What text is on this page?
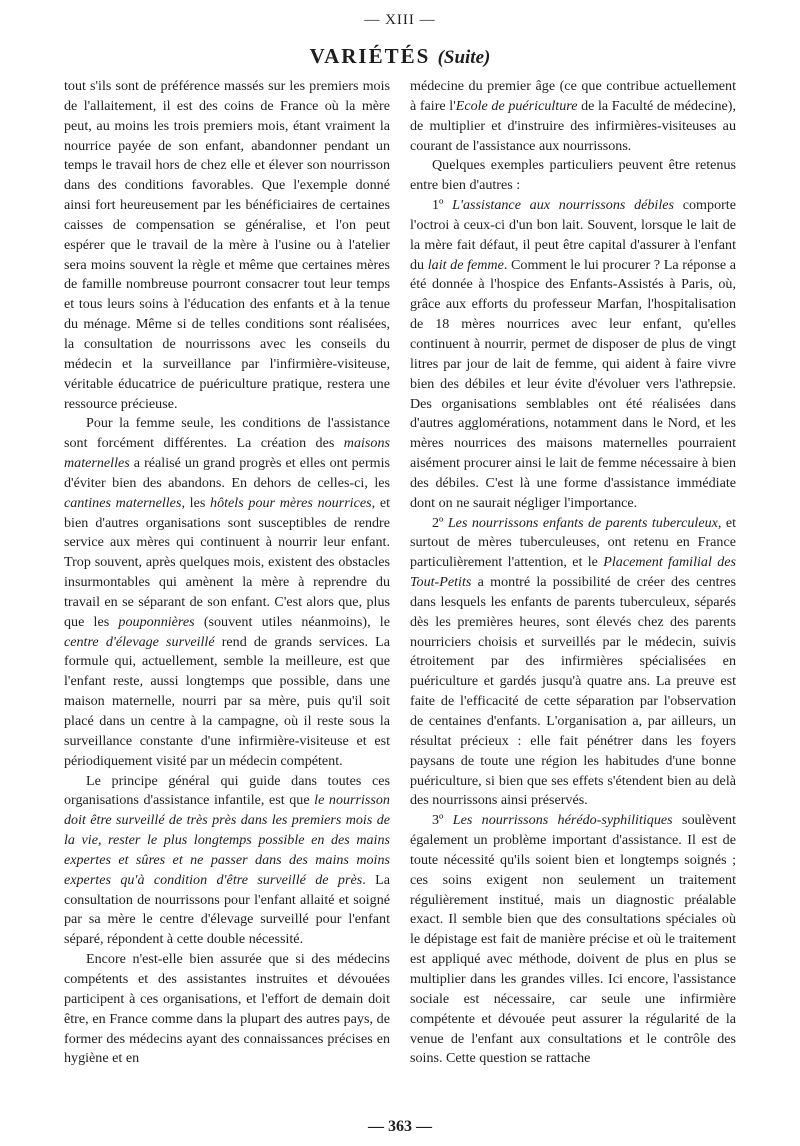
— XIII —
VARIÉTÉS (Suite)

tout s'ils sont de préférence massés sur les premiers mois de l'allaitement, il est des coins de France où la mère peut, au moins les trois premiers mois, étant vraiment la nourrice payée de son enfant, abandonner pendant un temps le travail hors de chez elle et élever son nourrisson dans des conditions favorables. Que l'exemple donné ainsi fort heureusement par les bénéficiaires de certaines caisses de compensation se généralise, et l'on peut espérer que le travail de la mère à l'usine ou à l'atelier sera moins souvent la règle et même que certaines mères de famille nombreuse pourront consacrer tout leur temps et tous leurs soins à l'éducation des enfants et à la tenue du ménage. Même si de telles conditions sont réalisées, la consultation de nourrissons avec les conseils du médecin et la surveillance par l'infirmière-visiteuse, véritable éducatrice de puériculture pratique, restera une ressource précieuse.

Pour la femme seule, les conditions de l'assistance sont forcément différentes. La création des maisons maternelles a réalisé un grand progrès et elles ont permis d'éviter bien des abandons. En dehors de celles-ci, les cantines maternelles, les hôtels pour mères nourrices, et bien d'autres organisations sont susceptibles de rendre service aux mères qui continuent à nourrir leur enfant. Trop souvent, après quelques mois, existent des obstacles insurmontables qui amènent la mère à reprendre du travail en se séparant de son enfant. C'est alors que, plus que les pouponnières (souvent utiles néanmoins), le centre d'élevage surveillé rend de grands services. La formule qui, actuellement, semble la meilleure, est que l'enfant reste, aussi longtemps que possible, dans une maison maternelle, nourri par sa mère, puis qu'il soit placé dans un centre à la campagne, où il reste sous la surveillance constante d'une infirmière-visiteuse et est périodiquement visité par un médecin compétent.

Le principe général qui guide dans toutes ces organisations d'assistance infantile, est que le nourrisson doit être surveillé de très près dans les premiers mois de la vie, rester le plus longtemps possible en des mains expertes et sûres et ne passer dans des mains moins expertes qu'à condition d'être surveillé de près. La consultation de nourrissons pour l'enfant allaité et soigné par sa mère le centre d'élevage surveillé pour l'enfant séparé, répondent à cette double nécessité.

Encore n'est-elle bien assurée que si des médecins compétents et des assistantes instruites et dévouées participent à ces organisations, et l'effort de demain doit être, en France comme dans la plupart des autres pays, de former des médecins ayant des connaissances précises en hygiène et en

médecine du premier âge (ce que contribue actuellement à faire l'Ecole de puériculture de la Faculté de médecine), de multiplier et d'instruire des infirmières-visiteuses au courant de l'assistance aux nourrissons.

Quelques exemples particuliers peuvent être retenus entre bien d'autres :

1º L'assistance aux nourrissons débiles comporte l'octroi à ceux-ci d'un bon lait. Souvent, lorsque le lait de la mère fait défaut, il peut être capital d'assurer à l'enfant du lait de femme. Comment le lui procurer ? La réponse a été donnée à l'hospice des Enfants-Assistés à Paris, où, grâce aux efforts du professeur Marfan, l'hospitalisation de 18 mères nourrices avec leur enfant, qu'elles continuent à nourrir, permet de disposer de plus de vingt litres par jour de lait de femme, qui aident à faire vivre bien des débiles et leur évite d'évoluer vers l'athrepsie. Des organisations semblables ont été réalisées dans d'autres agglomérations, notamment dans le Nord, et les mères nourrices des maisons maternelles pourraient aisément procurer ainsi le lait de femme nécessaire à bien des débiles. C'est là une forme d'assistance immédiate dont on ne saurait négliger l'importance.

2º Les nourrissons enfants de parents tuberculeux, et surtout de mères tuberculeuses, ont retenu en France particulièrement l'attention, et le Placement familial des Tout-Petits a montré la possibilité de créer des centres dans lesquels les enfants de parents tuberculeux, séparés dès les premières heures, sont élevés chez des parents nourriciers choisis et surveillés par le médecin, suivis étroitement par des infirmières spécialisées en puériculture et gardés jusqu'à quatre ans. La preuve est faite de l'efficacité de cette séparation par l'observation de centaines d'enfants. L'organisation a, par ailleurs, un résultat précieux : elle fait pénétrer dans les foyers paysans de toute une région les habitudes d'une bonne puériculture, si bien que ses effets s'étendent bien au delà des nourrissons ainsi préservés.

3º Les nourrissons hérédo-syphilitiques soulèvent également un problème important d'assistance. Il est de toute nécessité qu'ils soient bien et longtemps soignés ; ces soins exigent non seulement un traitement régulièrement institué, mais un diagnostic préalable exact. Il semble bien que des consultations spéciales où le dépistage est fait de manière précise et où le traitement est appliqué avec méthode, doivent de plus en plus se multiplier dans les grandes villes. Ici encore, l'assistance sociale est nécessaire, car seule une infirmière compétente et dévouée peut assurer la régularité de la venue de l'enfant aux consultations et le contrôle des soins. Cette question se rattache

— 363 —
